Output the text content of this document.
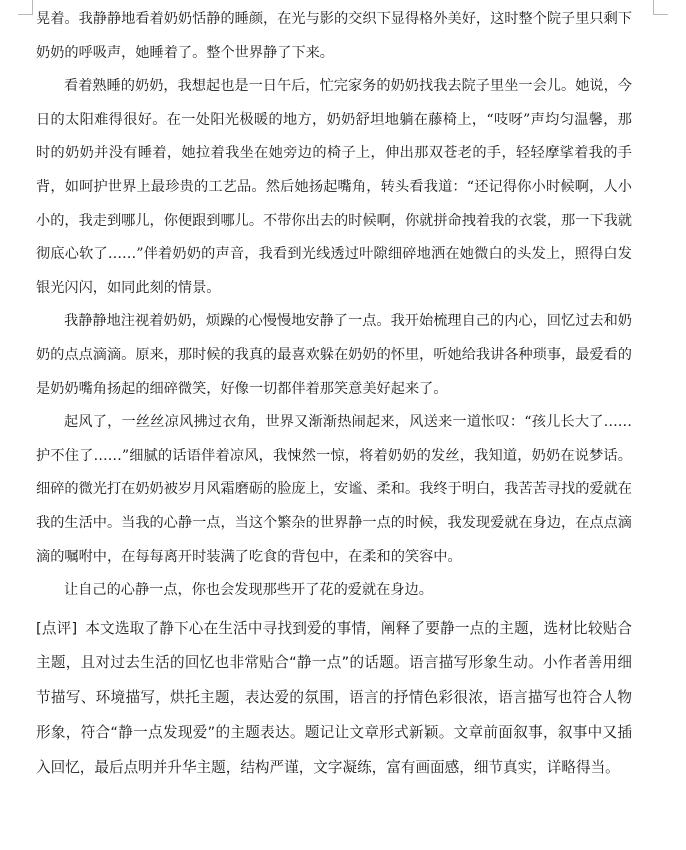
晃着。我静静地看着奶奶恬静的睡颜，在光与影的交织下显得格外美好，这时整个院子里只剩下奶奶的呼吸声，她睡着了。整个世界静了下来。

看着熟睡的奶奶，我想起也是一日午后，忙完家务的奶奶找我去院子里坐一会儿。她说，今日的太阳难得很好。在一处阳光极暖的地方，奶奶舒坦地躺在藤椅上，“吱呀”声均匀温馨，那时的奶奶并没有睡着，她拉着我坐在她旁边的椅子上，伸出那双苍老的手，轻轻摩挲着我的手背，如呵护世界上最珍贵的工艺品。然后她扬起嘴角，转头看我道：“还记得你小时候啊，人小小的，我走到哪儿，你便跟到哪儿。不带你出去的时候啊，你就拼命拽着我的衣裳，那一下我就彻底心软了……”伴着奶奶的声音，我看到光线透过叶隙细碎地洒在她微白的头发上，照得白发银光闪闪，如同此刻的情景。

我静静地注视着奶奶，烦躁的心慢慢地安静了一点。我开始梳理自己的内心，回忆过去和奶奶的点点滴滴。原来，那时候的我真的最喜欢躲在奶奶的怀里，听她给我讲各种琐事，最爱看的是奶奶嘴角扬起的细碎微笑，好像一切都伴着那笑意美好起来了。

起风了，一丝丝凉风拂过衣角，世界又渐渐热闹起来，风送来一道怅叹：“孩儿长大了……护不住了……”细腻的话语伴着凉风，我悚然一惊，将着奶奶的发丝，我知道，奶奶在说梦话。细碎的微光打在奶奶被岁月风霜磨砺的脸庞上，安谧、柔和。我终于明白，我苦苦寻找的爱就在我的生活中。当我的心静一点，当这个繁杂的世界静一点的时候，我发现爱就在身边，在点点滴滴的嘱咐中，在每每离开时装满了吃食的背包中，在柔和的笑容中。

让自己的心静一点，你也会发现那些开了花的爱就在身边。

[点评] 本文选取了静下心在生活中寻找到爱的事情，阐释了要静一点的主题，选材比较贴合主题，且对过去生活的回忆也非常贴合“静一点”的话题。语言描写形象生动。小作者善用细节描写、环境描写，烘托主题，表达爱的氛围，语言的抒情色彩很浓，语言描写也符合人物形象，符合“静一点发现爱”的主题表达。题记让文章形式新颖。文章前面叙事，叙事中又插入回忆，最后点明并升华主题，结构严谨，文字凝练，富有画面感，细节真实，详略得当。
